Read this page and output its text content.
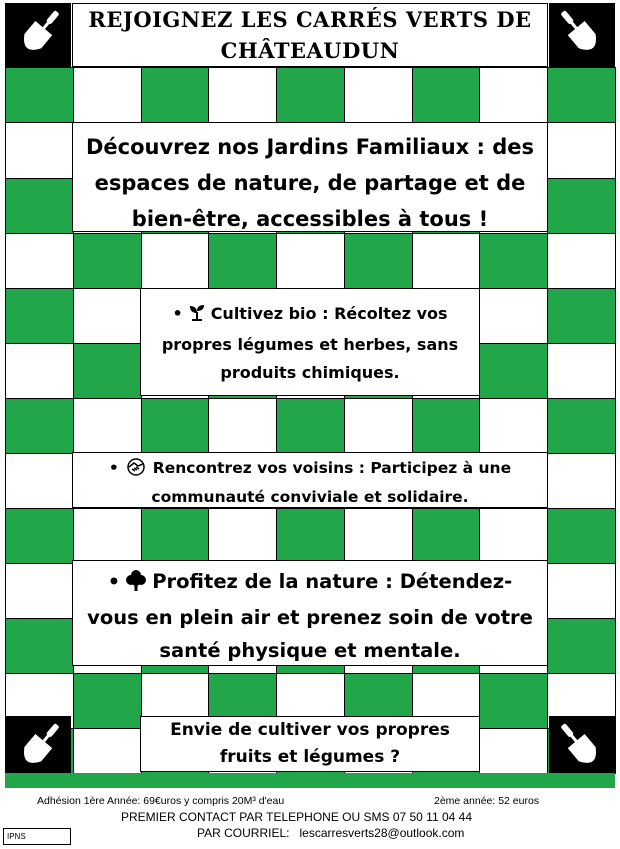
REJOIGNEZ LES CARRÉS VERTS DE
CHÂTEAUDUN
Découvrez nos Jardins Familiaux : des
espaces de nature, de partage et de
bien-être, accessibles à tous !
• Cultivez bio : Récoltez vos
propres légumes et herbes, sans
produits chimiques.
• Rencontrez vos voisins : Participez à une
communauté conviviale et solidaire.
• Profitez de la nature : Détendez-
vous en plein air et prenez soin de votre
santé physique et mentale.
Envie de cultiver vos propres
fruits et légumes ?
Adhésion 1ère Année: 69€uros y compris 20M³ d'eau	2ème année: 52 euros
PREMIER CONTACT PAR TELEPHONE OU SMS 07 50 11 04 44
PAR COURRIEL: lescarresverts28@outlook.com
IPNS
